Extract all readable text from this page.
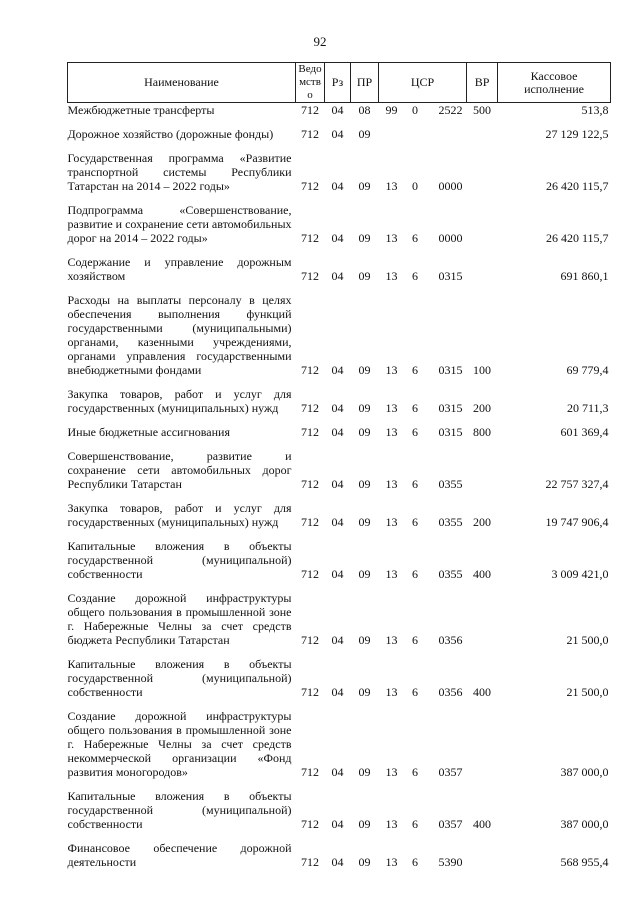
92
Наименование	Ведомство	Рз	ПР	ЦСР			ВР	Кассовое исполнение
Межбюджетные трансферты	712	04	08	99	0	2522	500	513,8
Дорожное хозяйство (дорожные фонды)	712	04	09					27 129 122,5
Государственная программа «Развитие транспортной системы Республики Татарстан на 2014 – 2022 годы»	712	04	09	13	0	0000		26 420 115,7
Подпрограмма «Совершенствование, развитие и сохранение сети автомобильных дорог на 2014 – 2022 годы»	712	04	09	13	6	0000		26 420 115,7
Содержание и управление дорожным хозяйством	712	04	09	13	6	0315		691 860,1
Расходы на выплаты персоналу в целях обеспечения выполнения функций государственными (муниципальными) органами, казенными учреждениями, органами управления государственными внебюджетными фондами	712	04	09	13	6	0315	100	69 779,4
Закупка товаров, работ и услуг для государственных (муниципальных) нужд	712	04	09	13	6	0315	200	20 711,3
Иные бюджетные ассигнования	712	04	09	13	6	0315	800	601 369,4
Совершенствование, развитие и сохранение сети автомобильных дорог Республики Татарстан	712	04	09	13	6	0355		22 757 327,4
Закупка товаров, работ и услуг для государственных (муниципальных) нужд	712	04	09	13	6	0355	200	19 747 906,4
Капитальные вложения в объекты государственной (муниципальной) собственности	712	04	09	13	6	0355	400	3 009 421,0
Создание дорожной инфраструктуры общего пользования в промышленной зоне г. Набережные Челны за счет средств бюджета Республики Татарстан	712	04	09	13	6	0356		21 500,0
Капитальные вложения в объекты государственной (муниципальной) собственности	712	04	09	13	6	0356	400	21 500,0
Создание дорожной инфраструктуры общего пользования в промышленной зоне г. Набережные Челны за счет средств некоммерческой организации «Фонд развития моногородов»	712	04	09	13	6	0357		387 000,0
Капитальные вложения в объекты государственной (муниципальной) собственности	712	04	09	13	6	0357	400	387 000,0
Финансовое обеспечение дорожной деятельности	712	04	09	13	6	5390		568 955,4
